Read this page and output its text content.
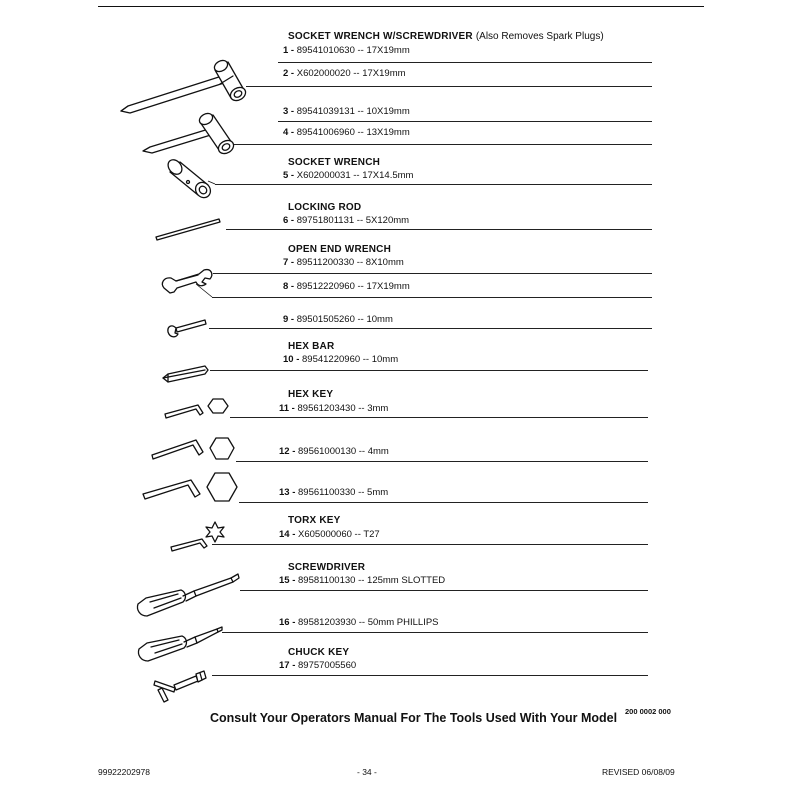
SOCKET WRENCH W/SCREWDRIVER (Also Removes Spark Plugs)
1 - 89541010630 -- 17X19mm
2 - X602000020 -- 17X19mm
3 - 89541039131 -- 10X19mm
4 - 89541006960 -- 13X19mm
SOCKET WRENCH
5 - X602000031 -- 17X14.5mm
LOCKING ROD
6 - 89751801131 -- 5X120mm
OPEN END WRENCH
7 - 89511200330 -- 8X10mm
8 - 89512220960 -- 17X19mm
9 - 89501505260 -- 10mm
HEX BAR
10 - 89541220960 -- 10mm
HEX KEY
11 - 89561203430 -- 3mm
12 - 89561000130 -- 4mm
13 - 89561100330 -- 5mm
TORX KEY
14 - X605000060 -- T27
SCREWDRIVER
15 - 89581100130 -- 125mm SLOTTED
16 - 89581203930 -- 50mm PHILLIPS
CHUCK KEY
17 - 89757005560
200 0002 000
Consult Your Operators Manual For The Tools Used With Your Model
99922202978	- 34 -	REVISED 06/08/09
